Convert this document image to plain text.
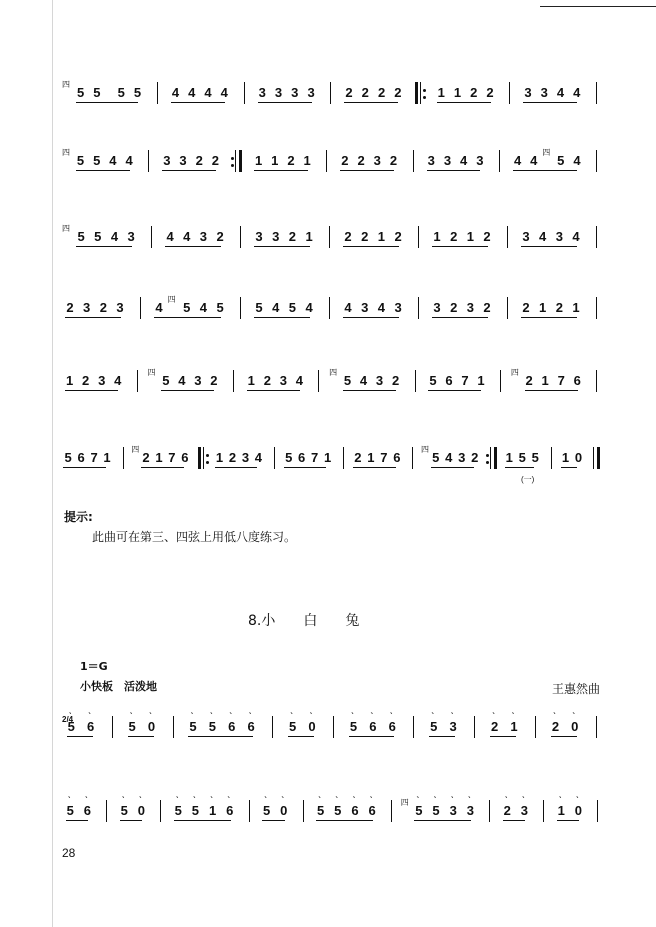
四
5 5 5 5 4 4 4 4 3 3 3 3 2 2 2 2	1 1 2 2 3 3 4 4
四
5 5 4 4 3 3 2 2	1 1 2 1 2 2 3 2 3 3 4 3 4 4
四
5 4
四
5 5 4 3 4 4 3 2 3 3 2 1 2 2 1 2 1 2 1 2 3 4 3 4
2 3 2 3 4
四
5 4 5 5 4 5 4 4 3 4 3 3 2 3 2 2 1 2 1
1 2 3 4
四
5 4 3 2 1 2 3 4
四
5 4 3 2 5 6 7 1
四
2 1 7 6
5 6 7 1
四
2 1 7 6 1 2 3 4 5 6 7 1 2 1 7 6
四
5 4 3 2 1 5 5 1 0
(一)
提示:
此曲可在第三、四弦上用低八度练习。
8.小　　白　　兔
1＝G
小快板　活泼地	王惠然曲
2/4
5
ˎ
6
ˎ
5
ˎ
0
ˎ
5
ˎ
5
ˎ
6
ˎ
6
ˎ
5
ˎ
0
ˎ
5
ˎ
6
ˎ
6
ˎ
5
ˎ
3
ˎ
2
ˎ
1
ˎ
2
ˎ
0
ˎ
5
ˎ
6
ˎ
5
ˎ
0
ˎ
5
ˎ
5
ˎ
1
ˎ
6
ˎ
5
ˎ
0
ˎ
5
ˎ
5
ˎ
6
ˎ
6
ˎ
四
5
ˎ
5
ˎ
3
ˎ
3
ˎ
2
ˎ
3
ˎ
1
ˎ
0
ˎ
28
